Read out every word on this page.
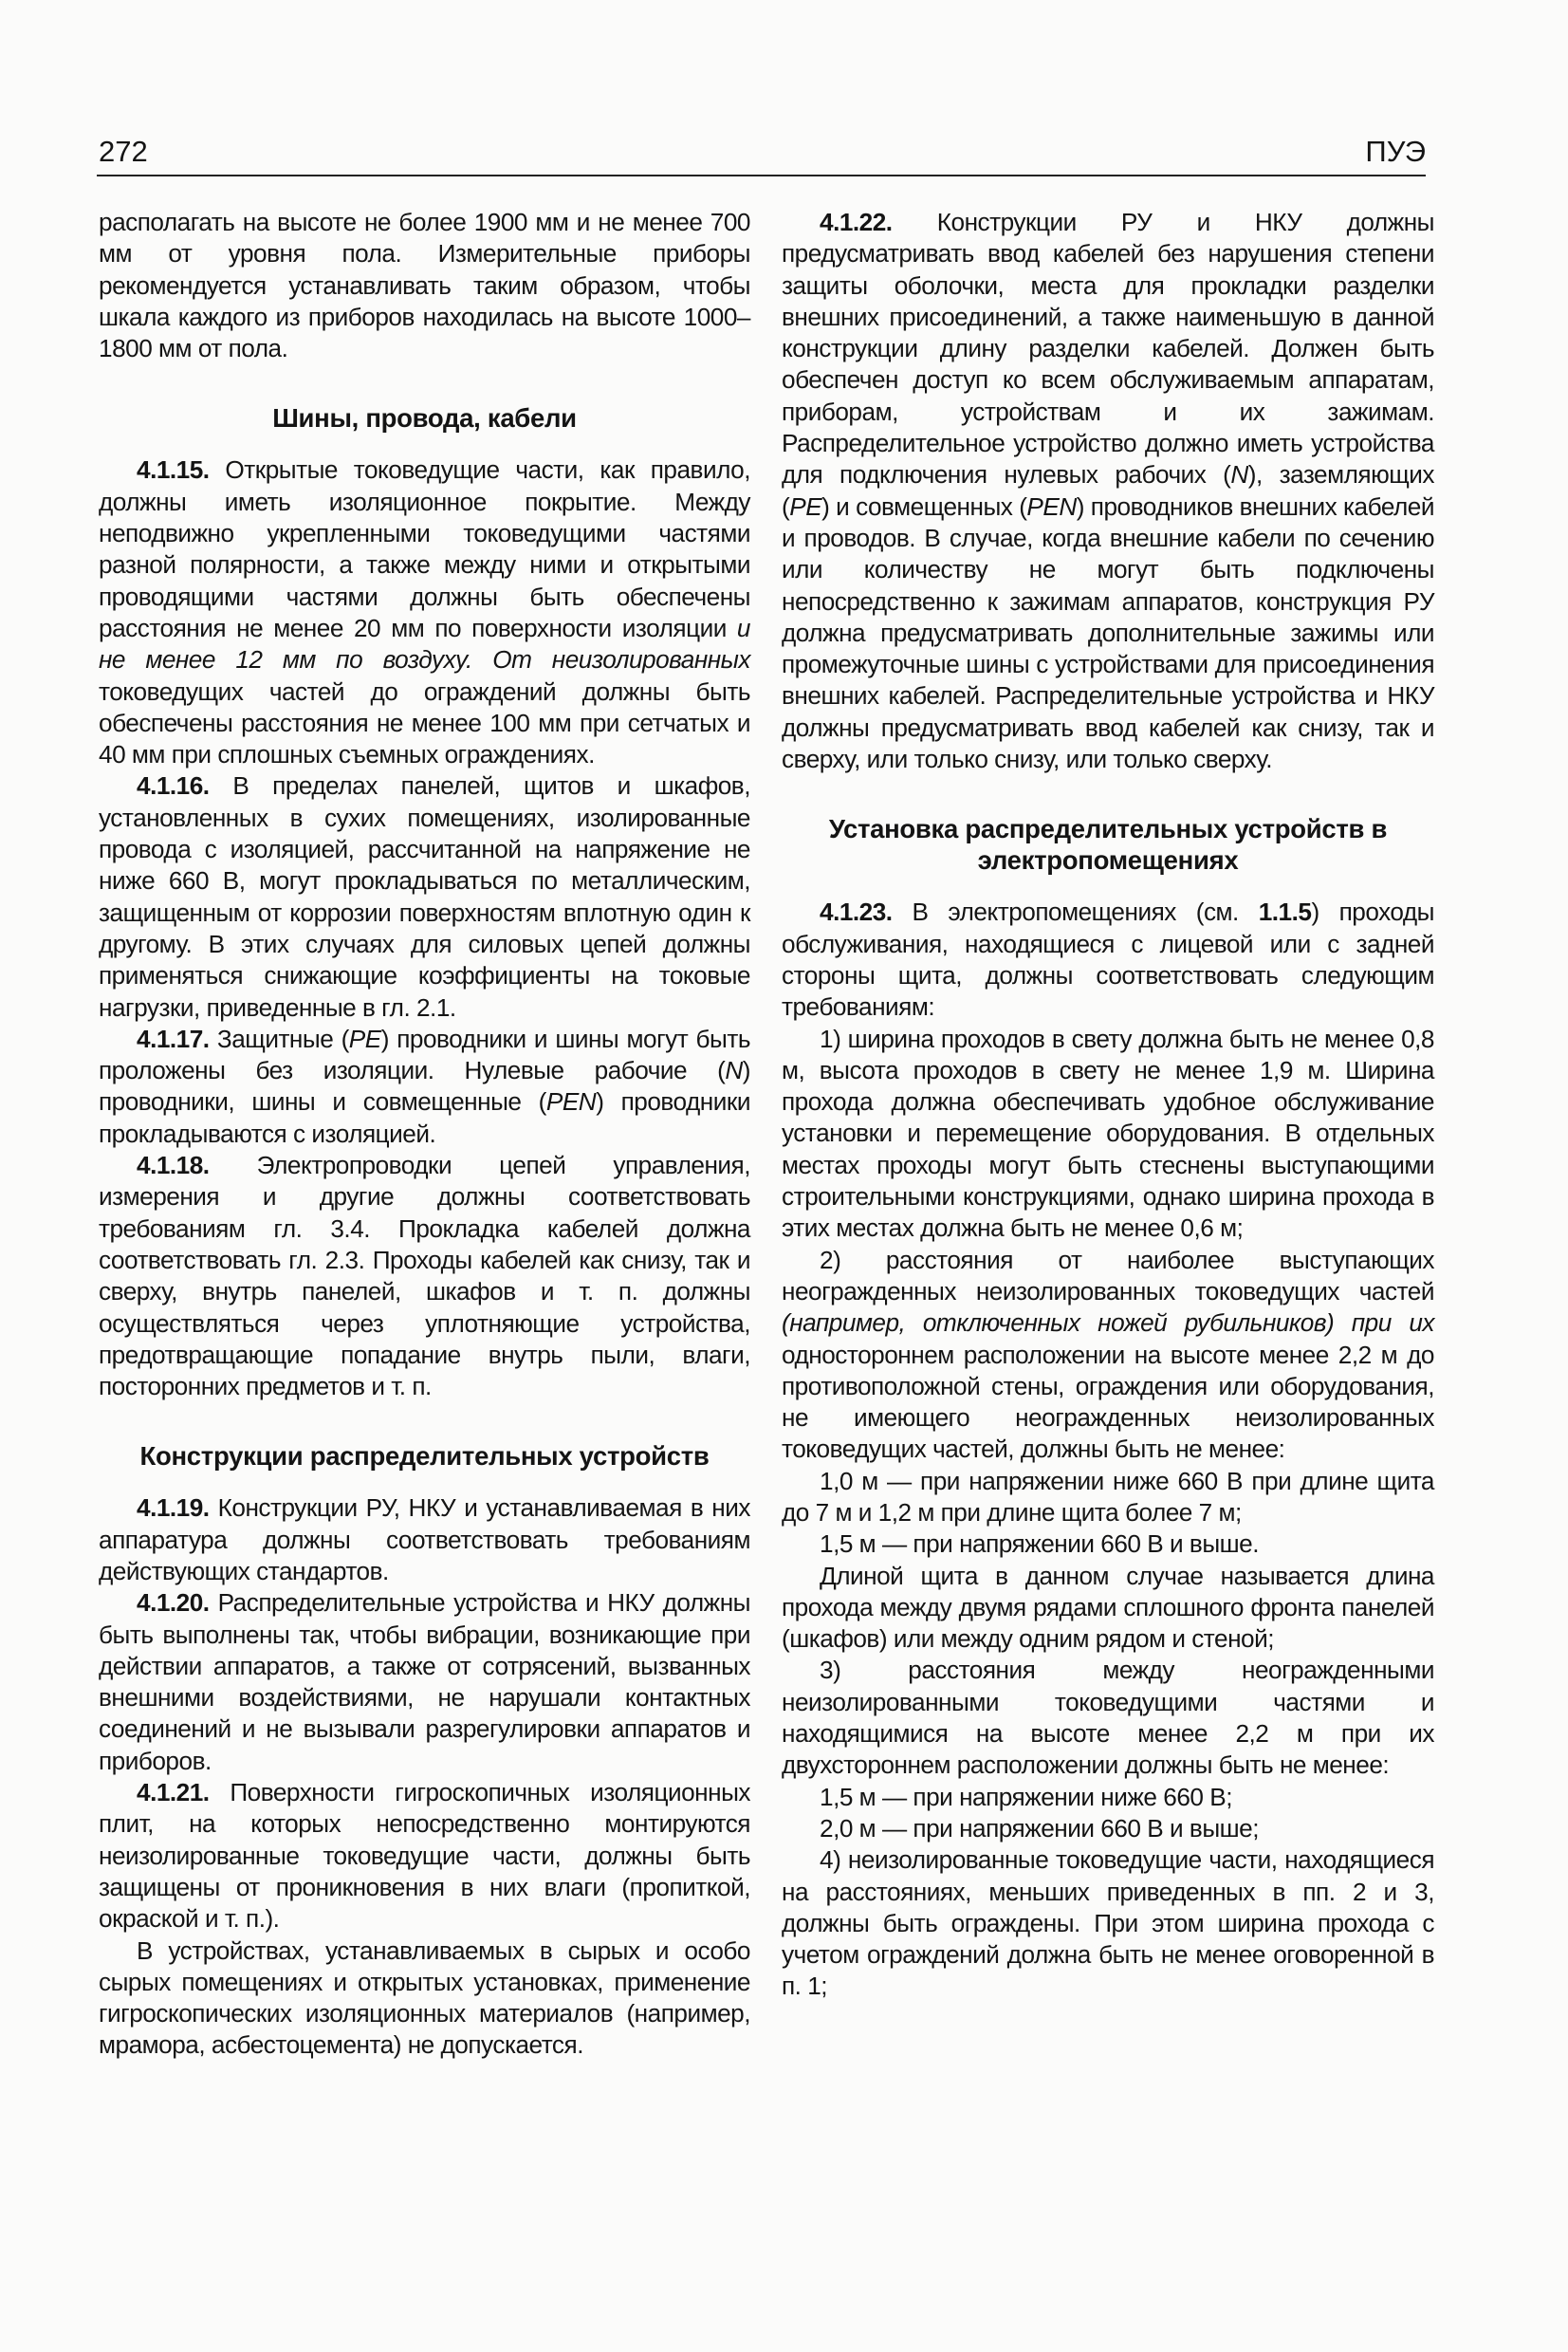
272	ПУЭ

располагать на высоте не более 1900 мм и не менее 700 мм от уровня пола. Измерительные приборы рекомендуется устанавливать таким образом, чтобы шкала каждого из приборов находилась на высоте 1000–1800 мм от пола.

Шины, провода, кабели

4.1.15. Открытые токоведущие части, как правило, должны иметь изоляционное покрытие. Между неподвижно укрепленными токоведущими частями разной полярности, а также между ними и открытыми проводящими частями должны быть обеспечены расстояния не менее 20 мм по поверхности изоляции и не менее 12 мм по воздуху. От неизолированных токоведущих частей до ограждений должны быть обеспечены расстояния не менее 100 мм при сетчатых и 40 мм при сплошных съемных ограждениях.

4.1.16. В пределах панелей, щитов и шкафов, установленных в сухих помещениях, изолированные провода с изоляцией, рассчитанной на напряжение не ниже 660 В, могут прокладываться по металлическим, защищенным от коррозии поверхностям вплотную один к другому. В этих случаях для силовых цепей должны применяться снижающие коэффициенты на токовые нагрузки, приведенные в гл. 2.1.

4.1.17. Защитные (PE) проводники и шины могут быть проложены без изоляции. Нулевые рабочие (N) проводники, шины и совмещенные (PEN) проводники прокладываются с изоляцией.

4.1.18. Электропроводки цепей управления, измерения и другие должны соответствовать требованиям гл. 3.4. Прокладка кабелей должна соответствовать гл. 2.3. Проходы кабелей как снизу, так и сверху, внутрь панелей, шкафов и т. п. должны осуществляться через уплотняющие устройства, предотвращающие попадание внутрь пыли, влаги, посторонних предметов и т. п.

Конструкции распределительных устройств

4.1.19. Конструкции РУ, НКУ и устанавливаемая в них аппаратура должны соответствовать требованиям действующих стандартов.

4.1.20. Распределительные устройства и НКУ должны быть выполнены так, чтобы вибрации, возникающие при действии аппаратов, а также от сотрясений, вызванных внешними воздействиями, не нарушали контактных соединений и не вызывали разрегулировки аппаратов и приборов.

4.1.21. Поверхности гигроскопичных изоляционных плит, на которых непосредственно монтируются неизолированные токоведущие части, должны быть защищены от проникновения в них влаги (пропиткой, окраской и т. п.).

В устройствах, устанавливаемых в сырых и особо сырых помещениях и открытых установках, применение гигроскопических изоляционных материалов (например, мрамора, асбестоцемента) не допускается.

4.1.22. Конструкции РУ и НКУ должны предусматривать ввод кабелей без нарушения степени защиты оболочки, места для прокладки разделки внешних присоединений, а также наименьшую в данной конструкции длину разделки кабелей. Должен быть обеспечен доступ ко всем обслуживаемым аппаратам, приборам, устройствам и их зажимам. Распределительное устройство должно иметь устройства для подключения нулевых рабочих (N), заземляющих (PE) и совмещенных (PEN) проводников внешних кабелей и проводов. В случае, когда внешние кабели по сечению или количеству не могут быть подключены непосредственно к зажимам аппаратов, конструкция РУ должна предусматривать дополнительные зажимы или промежуточные шины с устройствами для присоединения внешних кабелей. Распределительные устройства и НКУ должны предусматривать ввод кабелей как снизу, так и сверху, или только снизу, или только сверху.

Установка распределительных устройств в электропомещениях

4.1.23. В электропомещениях (см. 1.1.5) проходы обслуживания, находящиеся с лицевой или с задней стороны щита, должны соответствовать следующим требованиям:

1) ширина проходов в свету должна быть не менее 0,8 м, высота проходов в свету не менее 1,9 м. Ширина прохода должна обеспечивать удобное обслуживание установки и перемещение оборудования. В отдельных местах проходы могут быть стеснены выступающими строительными конструкциями, однако ширина прохода в этих местах должна быть не менее 0,6 м;

2) расстояния от наиболее выступающих неогражденных неизолированных токоведущих частей (например, отключенных ножей рубильников) при их одностороннем расположении на высоте менее 2,2 м до противоположной стены, ограждения или оборудования, не имеющего неогражденных неизолированных токоведущих частей, должны быть не менее:

1,0 м — при напряжении ниже 660 В при длине щита до 7 м и 1,2 м при длине щита более 7 м;

1,5 м — при напряжении 660 В и выше.

Длиной щита в данном случае называется длина прохода между двумя рядами сплошного фронта панелей (шкафов) или между одним рядом и стеной;

3) расстояния между неогражденными неизолированными токоведущими частями и находящимися на высоте менее 2,2 м при их двухстороннем расположении должны быть не менее:

1,5 м — при напряжении ниже 660 В;

2,0 м — при напряжении 660 В и выше;

4) неизолированные токоведущие части, находящиеся на расстояниях, меньших приведенных в пп. 2 и 3, должны быть ограждены. При этом ширина прохода с учетом ограждений должна быть не менее оговоренной в п. 1;
